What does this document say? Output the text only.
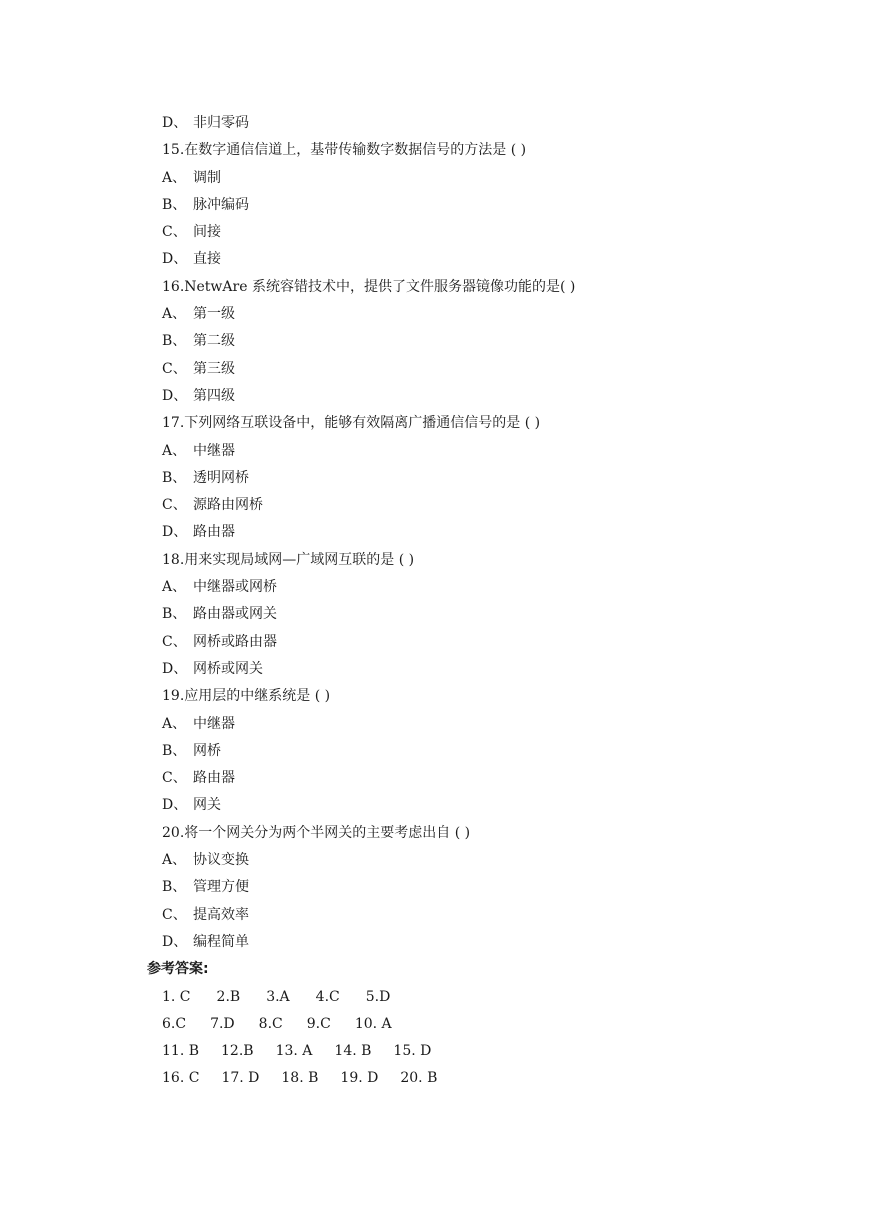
D、 非归零码
15.在数字通信信道上，基带传输数字数据信号的方法是 ( )
A、 调制
B、 脉冲编码
C、 间接
D、 直接
16.NetwAre 系统容错技术中，提供了文件服务器镜像功能的是( )
A、 第一级
B、 第二级
C、 第三级
D、 第四级
17.下列网络互联设备中，能够有效隔离广播通信信号的是 ( )
A、 中继器
B、 透明网桥
C、 源路由网桥
D、 路由器
18.用来实现局域网—广域网互联的是 ( )
A、 中继器或网桥
B、 路由器或网关
C、 网桥或路由器
D、 网桥或网关
19.应用层的中继系统是 ( )
A、 中继器
B、 网桥
C、 路由器
D、 网关
20.将一个网关分为两个半网关的主要考虑出自 ( )
A、 协议变换
B、 管理方便
C、 提高效率
D、 编程简单
参考答案:
1. C 2.B 3.A 4.C 5.D
6.C 7.D 8.C 9.C 10. A
11. B 12.B 13. A 14. B 15. D
16. C 17. D 18. B 19. D 20. B
